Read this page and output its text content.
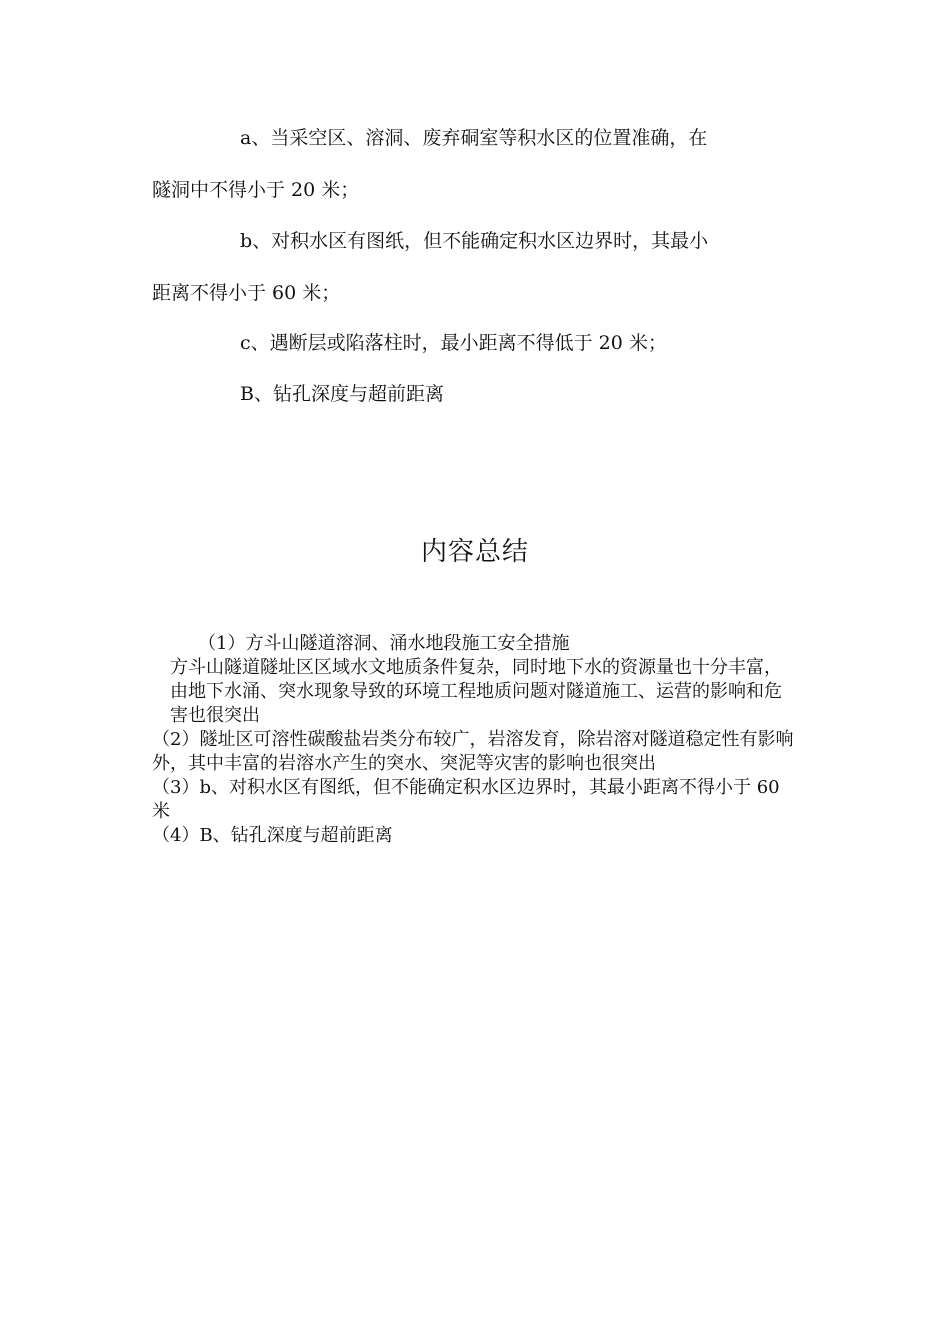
a、当采空区、溶洞、废弃硐室等积水区的位置准确，在

隧洞中不得小于 20 米；

b、对积水区有图纸，但不能确定积水区边界时，其最小

距离不得小于 60 米；

c、遇断层或陷落柱时，最小距离不得低于 20 米；

B、钻孔深度与超前距离

内容总结
（1）方斗山隧道溶洞、涌水地段施工安全措施
方斗山隧道隧址区区域水文地质条件复杂，同时地下水的资源量也十分丰富，由地下水涌、突水现象导致的环境工程地质问题对隧道施工、运营的影响和危害也很突出
（2）隧址区可溶性碳酸盐岩类分布较广，岩溶发育，除岩溶对隧道稳定性有影响外，其中丰富的岩溶水产生的突水、突泥等灾害的影响也很突出
（3）b、对积水区有图纸，但不能确定积水区边界时，其最小距离不得小于 60 米
（4）B、钻孔深度与超前距离
